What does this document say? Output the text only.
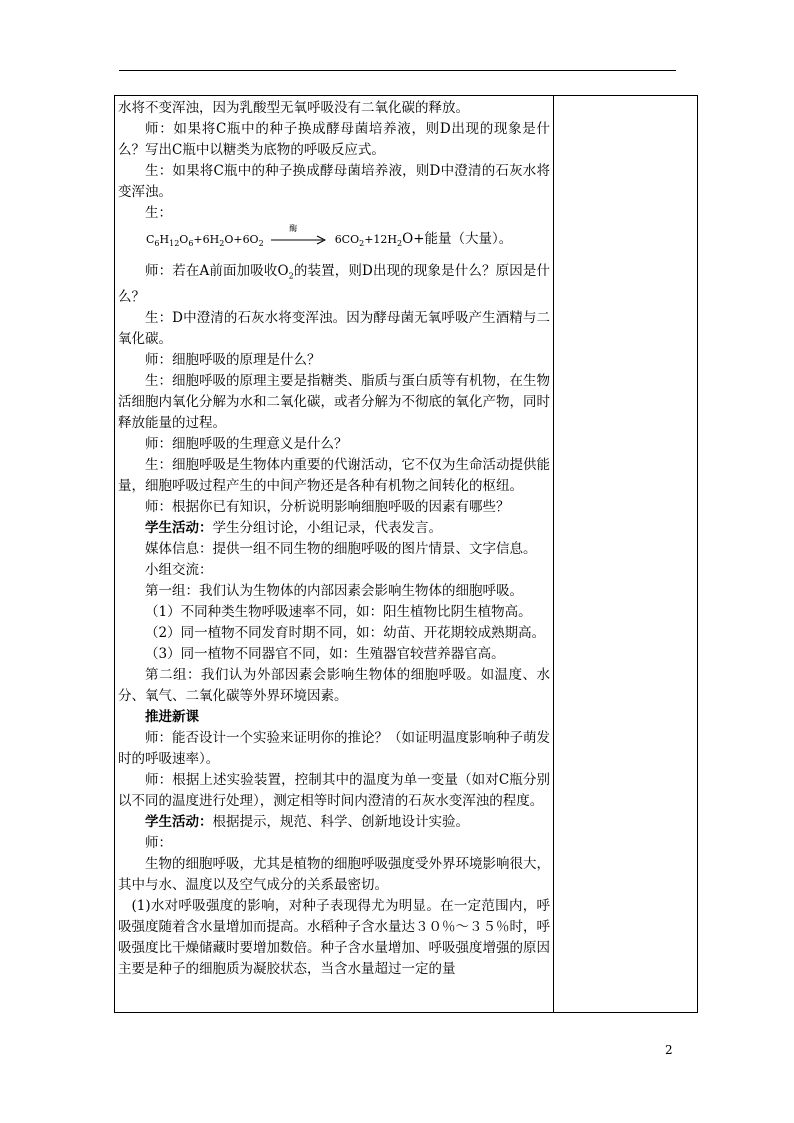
水将不变浑浊，因为乳酸型无氧呼吸没有二氧化碳的释放。

师：如果将C瓶中的种子换成酵母菌培养液，则D出现的现象是什么？写出C瓶中以糖类为底物的呼吸反应式。

生：如果将C瓶中的种子换成酵母菌培养液，则D中澄清的石灰水将变浑浊。

生：

$C_6H_{12}O_6+6H_2O+6O_2$
酶
$6CO_2+12H_2O+$能量（大量）。

师：若在A前面加吸收$O_2$的装置，则D出现的现象是什么？原因是什么？

生：D中澄清的石灰水将变浑浊。因为酵母菌无氧呼吸产生酒精与二氧化碳。

师：细胞呼吸的原理是什么？

生：细胞呼吸的原理主要是指糖类、脂质与蛋白质等有机物，在生物活细胞内氧化分解为水和二氧化碳，或者分解为不彻底的氧化产物，同时释放能量的过程。

师：细胞呼吸的生理意义是什么？

生：细胞呼吸是生物体内重要的代谢活动，它不仅为生命活动提供能量，细胞呼吸过程产生的中间产物还是各种有机物之间转化的枢纽。

师：根据你已有知识，分析说明影响细胞呼吸的因素有哪些？

学生活动：学生分组讨论，小组记录，代表发言。

媒体信息：提供一组不同生物的细胞呼吸的图片情景、文字信息。

小组交流：

第一组：我们认为生物体的内部因素会影响生物体的细胞呼吸。

（1）不同种类生物呼吸速率不同，如：阳生植物比阴生植物高。

（2）同一植物不同发育时期不同，如：幼苗、开花期较成熟期高。

（3）同一植物不同器官不同，如：生殖器官较营养器官高。

第二组：我们认为外部因素会影响生物体的细胞呼吸。如温度、水分、氧气、二氧化碳等外界环境因素。

推进新课

师：能否设计一个实验来证明你的推论？（如证明温度影响种子萌发时的呼吸速率）。

师：根据上述实验装置，控制其中的温度为单一变量（如对C瓶分别以不同的温度进行处理），测定相等时间内澄清的石灰水变浑浊的程度。

学生活动：根据提示，规范、科学、创新地设计实验。

师：

生物的细胞呼吸，尤其是植物的细胞呼吸强度受外界环境影响很大，其中与水、温度以及空气成分的关系最密切。

(1)水对呼吸强度的影响，对种子表现得尤为明显。在一定范围内，呼吸强度随着含水量增加而提高。水稻种子含水量达３０％～３５％时，呼吸强度比干燥储藏时要增加数倍。种子含水量增加、呼吸强度增强的原因主要是种子的细胞质为凝胶状态，当含水量超过一定的量

2
